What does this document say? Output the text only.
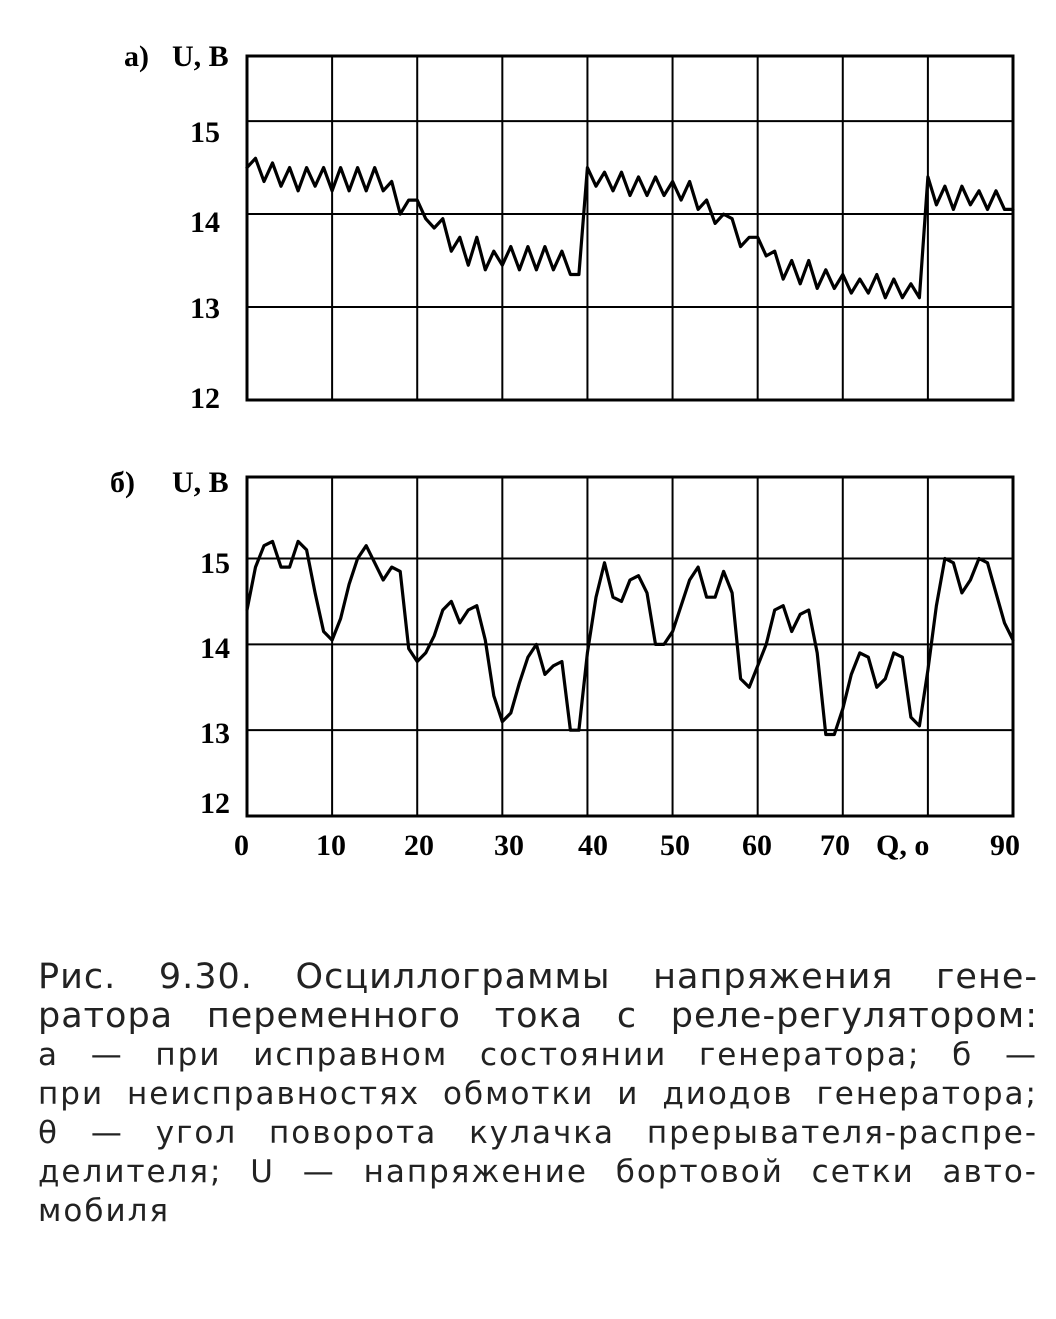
а) U, В
15
14
13
12
б) U, В
15
14
13
12
0 10 20 30 40 50 60 70 Q, о 90
Рис. 9.30. Осциллограммы напряжения гене-
ратора переменного тока с реле-регулятором:
а — при исправном состоянии генератора; б —
при неисправностях обмотки и диодов генератора;
θ — угол поворота кулачка прерывателя-распре-
делителя; U — напряжение бортовой сетки авто-
мобиля
